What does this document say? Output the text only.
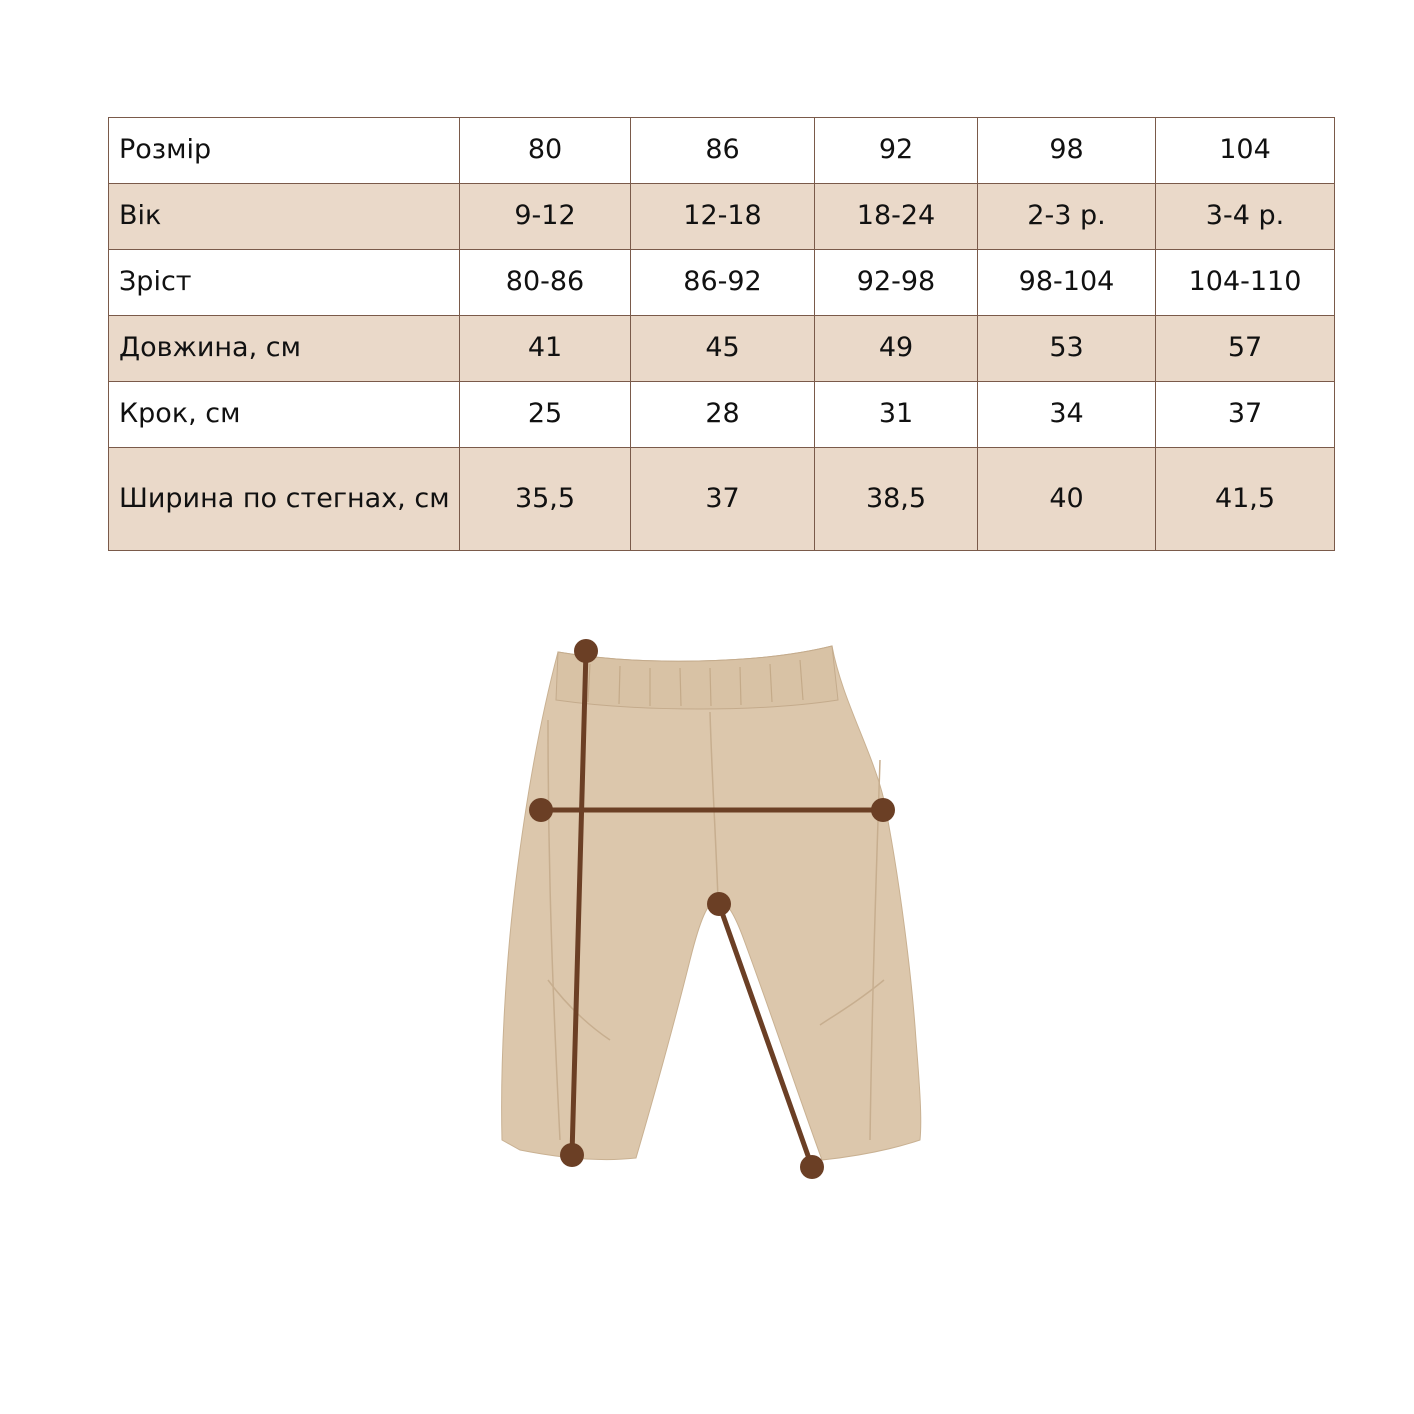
Розмір	80	86	92	98	104
Вік	9-12	12-18	18-24	2-3 р.	3-4 р.
Зріст	80-86	86-92	92-98	98-104	104-110
Довжина, см	41	45	49	53	57
Крок, см	25	28	31	34	37
Ширина по стегнах, см	35,5	37	38,5	40	41,5
